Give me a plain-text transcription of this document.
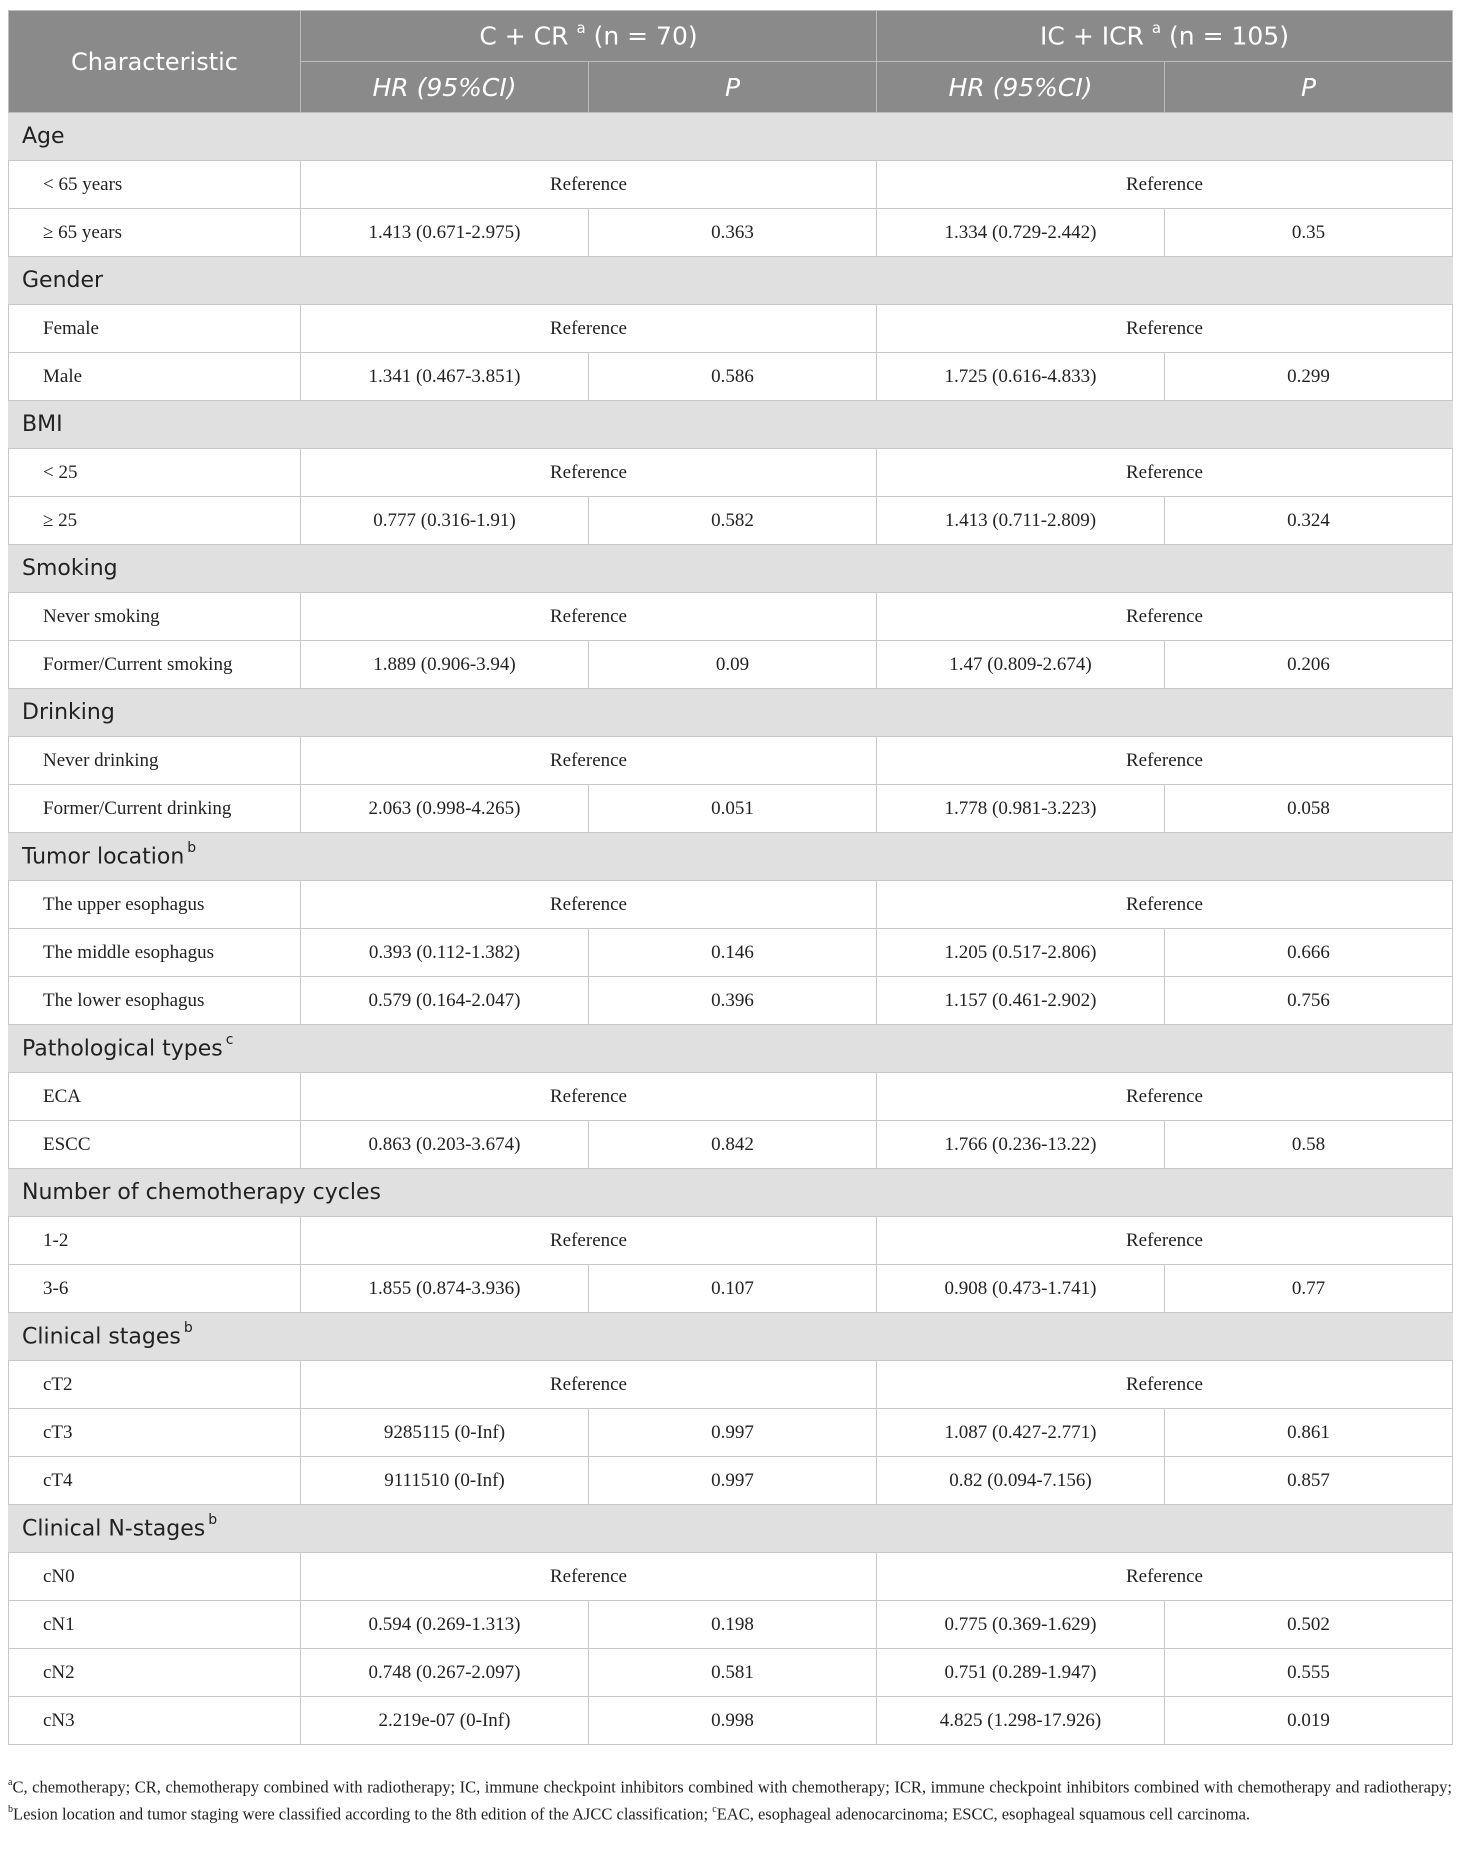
Characteristic	C + CR $^a$ (n = 70)		IC + ICR $^a$ (n = 105)	
	HR (95%CI)	P	HR (95%CI)	P
Age				
< 65 years	Reference		Reference	
≥ 65 years	1.413 (0.671-2.975)	0.363	1.334 (0.729-2.442)	0.35
Gender				
Female	Reference		Reference	
Male	1.341 (0.467-3.851)	0.586	1.725 (0.616-4.833)	0.299
BMI				
< 25	Reference		Reference	
≥ 25	0.777 (0.316-1.91)	0.582	1.413 (0.711-2.809)	0.324
Smoking				
Never smoking	Reference		Reference	
Former/Current smoking	1.889 (0.906-3.94)	0.09	1.47 (0.809-2.674)	0.206
Drinking				
Never drinking	Reference		Reference	
Former/Current drinking	2.063 (0.998-4.265)	0.051	1.778 (0.981-3.223)	0.058
Tumor location $^b$
The upper esophagus	Reference		Reference	
The middle esophagus	0.393 (0.112-1.382)	0.146	1.205 (0.517-2.806)	0.666
The lower esophagus	0.579 (0.164-2.047)	0.396	1.157 (0.461-2.902)	0.756
Pathological types $^c$
ECA	Reference		Reference	
ESCC	0.863 (0.203-3.674)	0.842	1.766 (0.236-13.22)	0.58
Number of chemotherapy cycles				
1-2	Reference		Reference	
3-6	1.855 (0.874-3.936)	0.107	0.908 (0.473-1.741)	0.77
Clinical stages $^b$
cT2	Reference		Reference	
cT3	9285115 (0-Inf)	0.997	1.087 (0.427-2.771)	0.861
cT4	9111510 (0-Inf)	0.997	0.82 (0.094-7.156)	0.857
Clinical N-stages $^b$
cN0	Reference		Reference	
cN1	0.594 (0.269-1.313)	0.198	0.775 (0.369-1.629)	0.502
cN2	0.748 (0.267-2.097)	0.581	0.751 (0.289-1.947)	0.555
cN3	2.219e-07 (0-Inf)	0.998	4.825 (1.298-17.926)	0.019
$^a$C, chemotherapy; CR, chemotherapy combined with radiotherapy; IC, immune checkpoint inhibitors combined with chemotherapy; ICR, immune checkpoint inhibitors combined with chemotherapy and radiotherapy; $^b$Lesion location and tumor staging were classified according to the 8th edition of the AJCC classification; $^c$EAC, esophageal adenocarcinoma; ESCC, esophageal squamous cell carcinoma.
